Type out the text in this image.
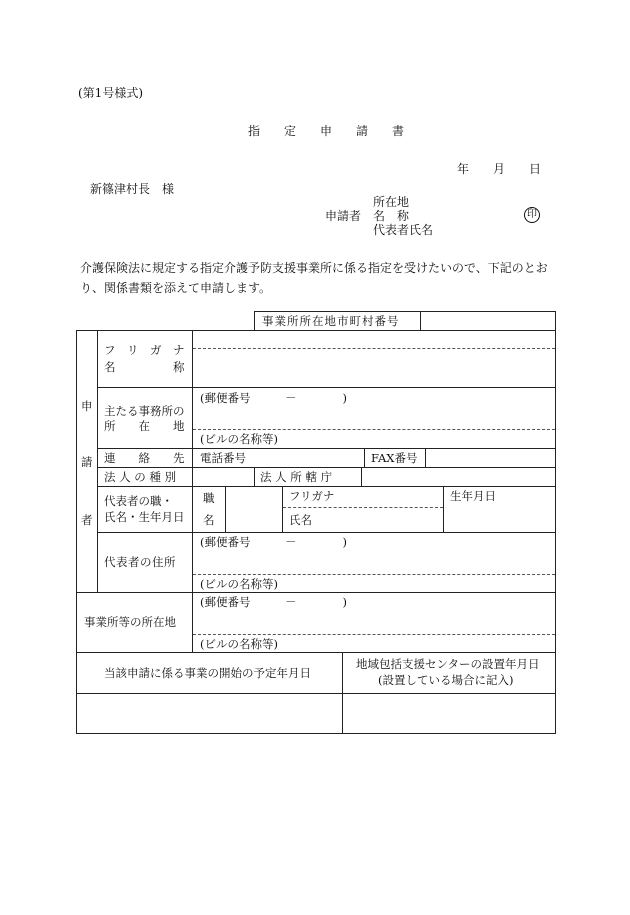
(第1号様式)
指　　定　　申　　請　　書
年 月 日
新篠津村長　様
申請者
所在地
名　称
代表者氏名
印
介護保険法に規定する指定介護予防支援事業所に係る指定を受けたいので、下記のとおり、関係書類を添えて申請します。
事業所所在地市町村番号
申
請
者
フ　リ　ガ　ナ
名　　　　　称
(郵便番号　　　－　　　　)
主たる事務所の
所　　在　　地
(ビルの名称等)
連　　絡　　先 電話番号	FAX番号
法 人 の 種 別	法 人 所 轄 庁
代表者の職・
氏名・生年月日
職
名
フリガナ
氏名
生年月日
(郵便番号　　　－　　　　)
代表者の住所
(ビルの名称等)
(郵便番号　　　－　　　　)
事業所等の所在地
(ビルの名称等)
当該申請に係る事業の開始の予定年月日
地域包括支援センターの設置年月日
(設置している場合に記入)
